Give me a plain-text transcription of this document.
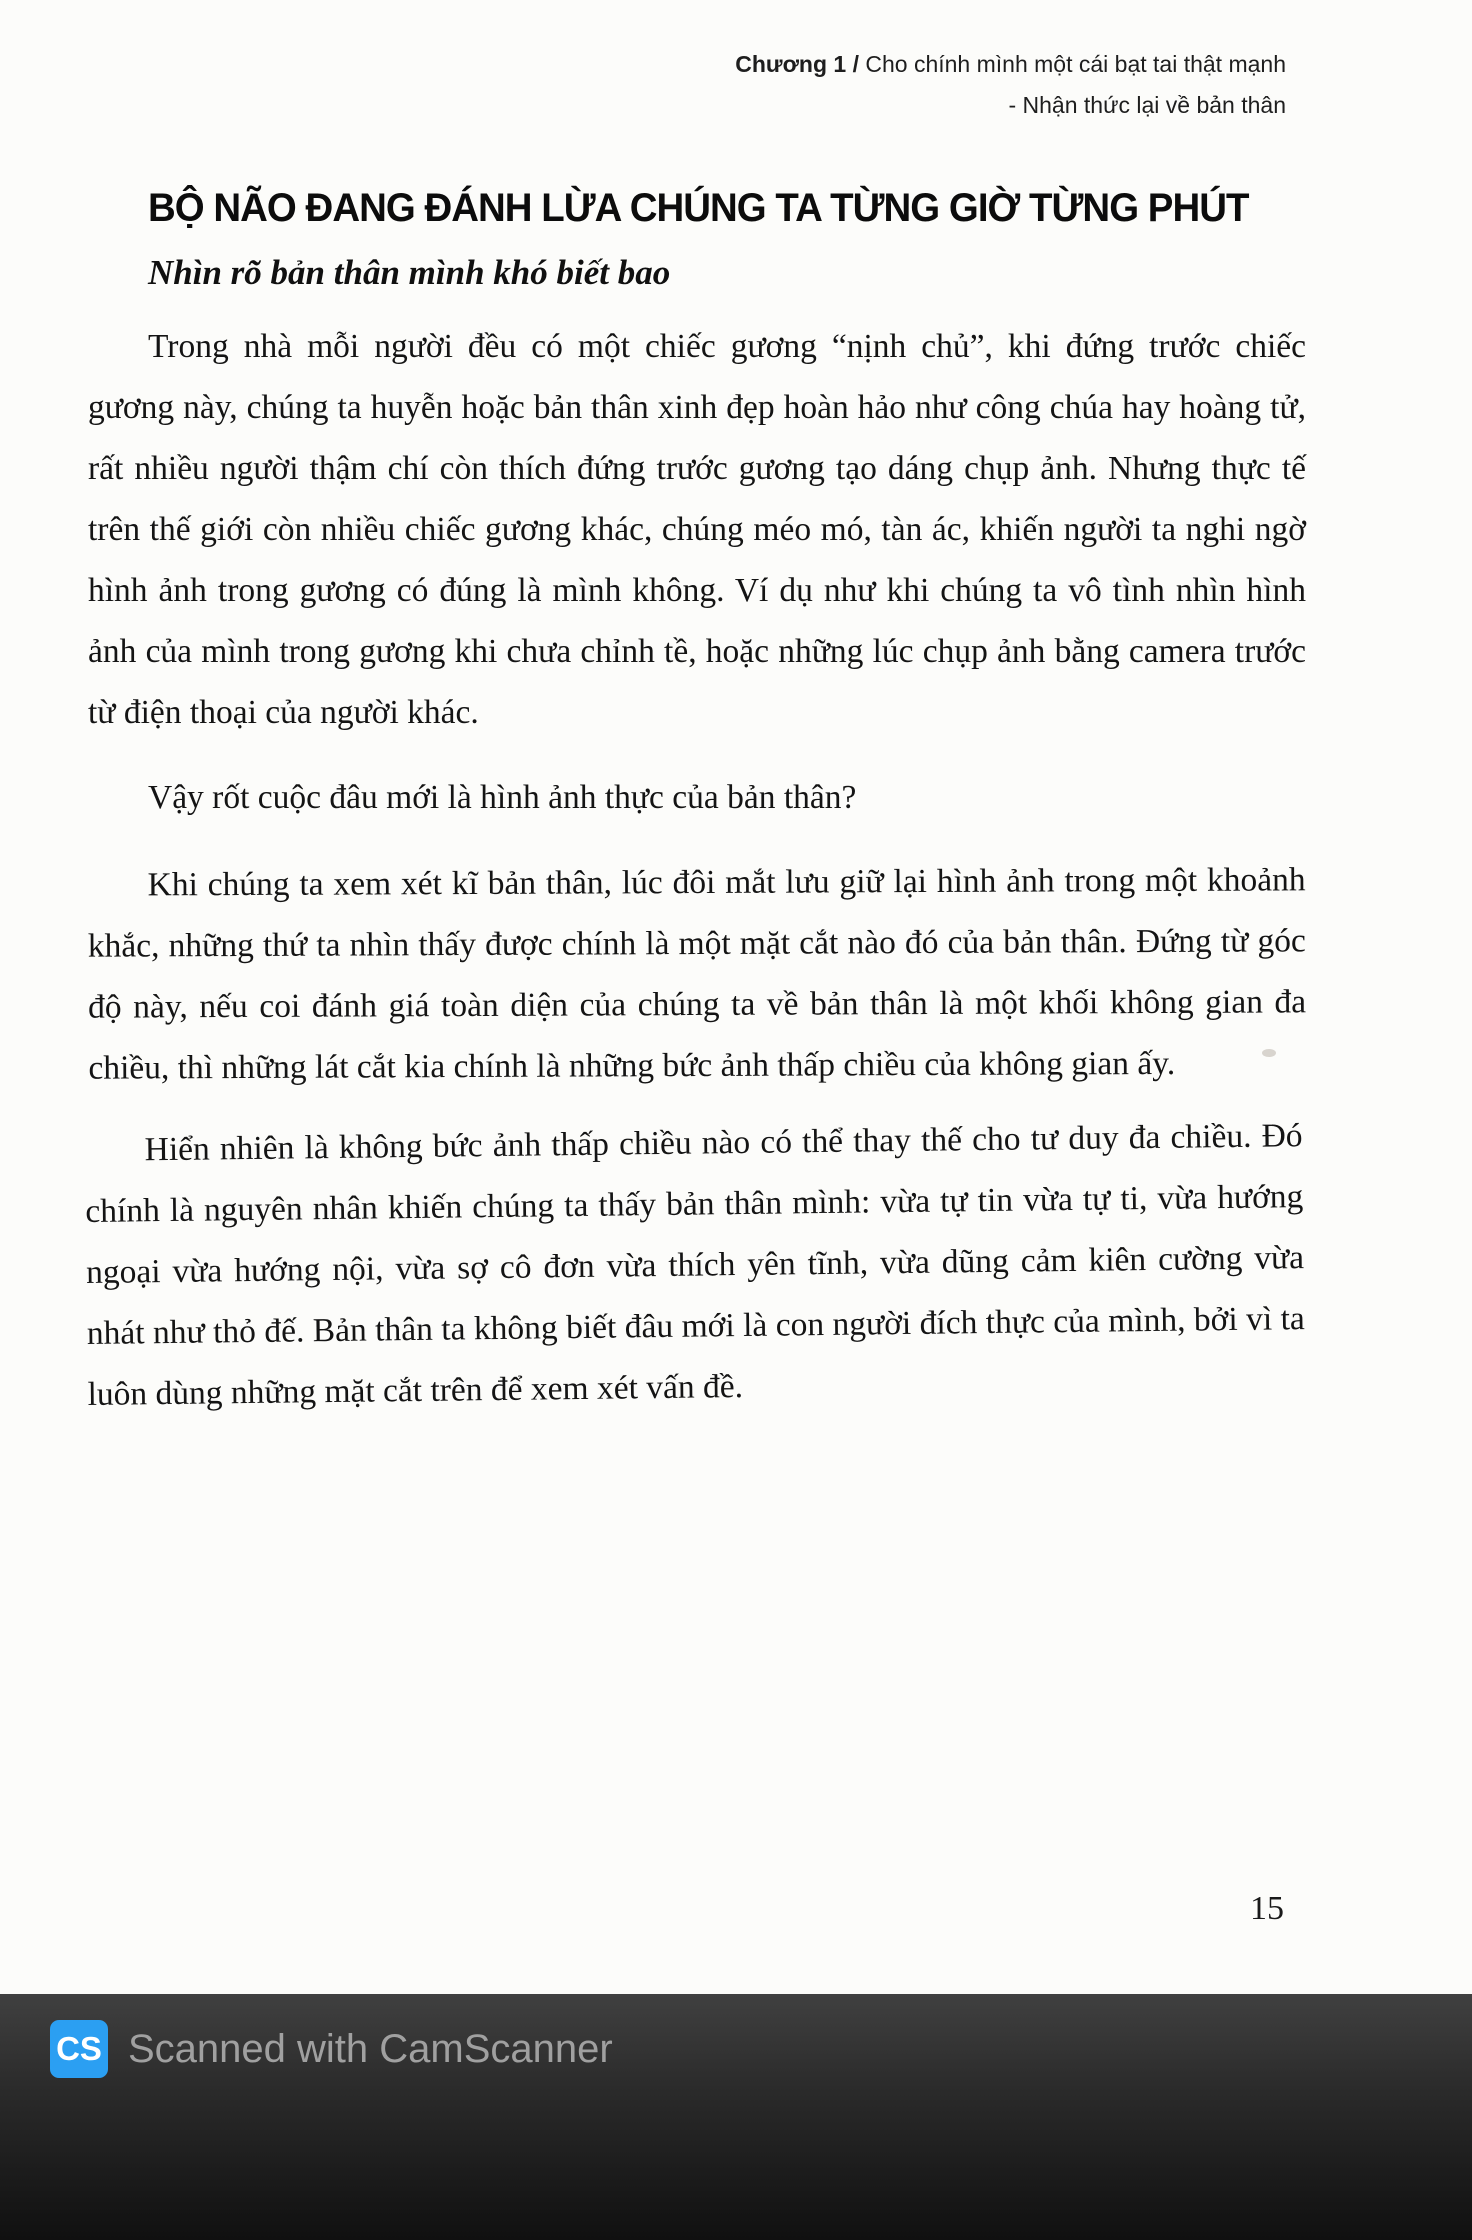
Chương 1 / Cho chính mình một cái bạt tai thật mạnh
- Nhận thức lại về bản thân
BỘ NÃO ĐANG ĐÁNH LỪA CHÚNG TA TỪNG GIỜ TỪNG PHÚT
Nhìn rõ bản thân mình khó biết bao

Trong nhà mỗi người đều có một chiếc gương “nịnh chủ”, khi đứng trước chiếc gương này, chúng ta huyễn hoặc bản thân xinh đẹp hoàn hảo như công chúa hay hoàng tử, rất nhiều người thậm chí còn thích đứng trước gương tạo dáng chụp ảnh. Nhưng thực tế trên thế giới còn nhiều chiếc gương khác, chúng méo mó, tàn ác, khiến người ta nghi ngờ hình ảnh trong gương có đúng là mình không. Ví dụ như khi chúng ta vô tình nhìn hình ảnh của mình trong gương khi chưa chỉnh tề, hoặc những lúc chụp ảnh bằng camera trước từ điện thoại của người khác.

Vậy rốt cuộc đâu mới là hình ảnh thực của bản thân?

Khi chúng ta xem xét kĩ bản thân, lúc đôi mắt lưu giữ lại hình ảnh trong một khoảnh khắc, những thứ ta nhìn thấy được chính là một mặt cắt nào đó của bản thân. Đứng từ góc độ này, nếu coi đánh giá toàn diện của chúng ta về bản thân là một khối không gian đa chiều, thì những lát cắt kia chính là những bức ảnh thấp chiều của không gian ấy.

Hiển nhiên là không bức ảnh thấp chiều nào có thể thay thế cho tư duy đa chiều. Đó chính là nguyên nhân khiến chúng ta thấy bản thân mình: vừa tự tin vừa tự ti, vừa hướng ngoại vừa hướng nội, vừa sợ cô đơn vừa thích yên tĩnh, vừa dũng cảm kiên cường vừa nhát như thỏ đế. Bản thân ta không biết đâu mới là con người đích thực của mình, bởi vì ta luôn dùng những mặt cắt trên để xem xét vấn đề.

15
CS Scanned with CamScanner
